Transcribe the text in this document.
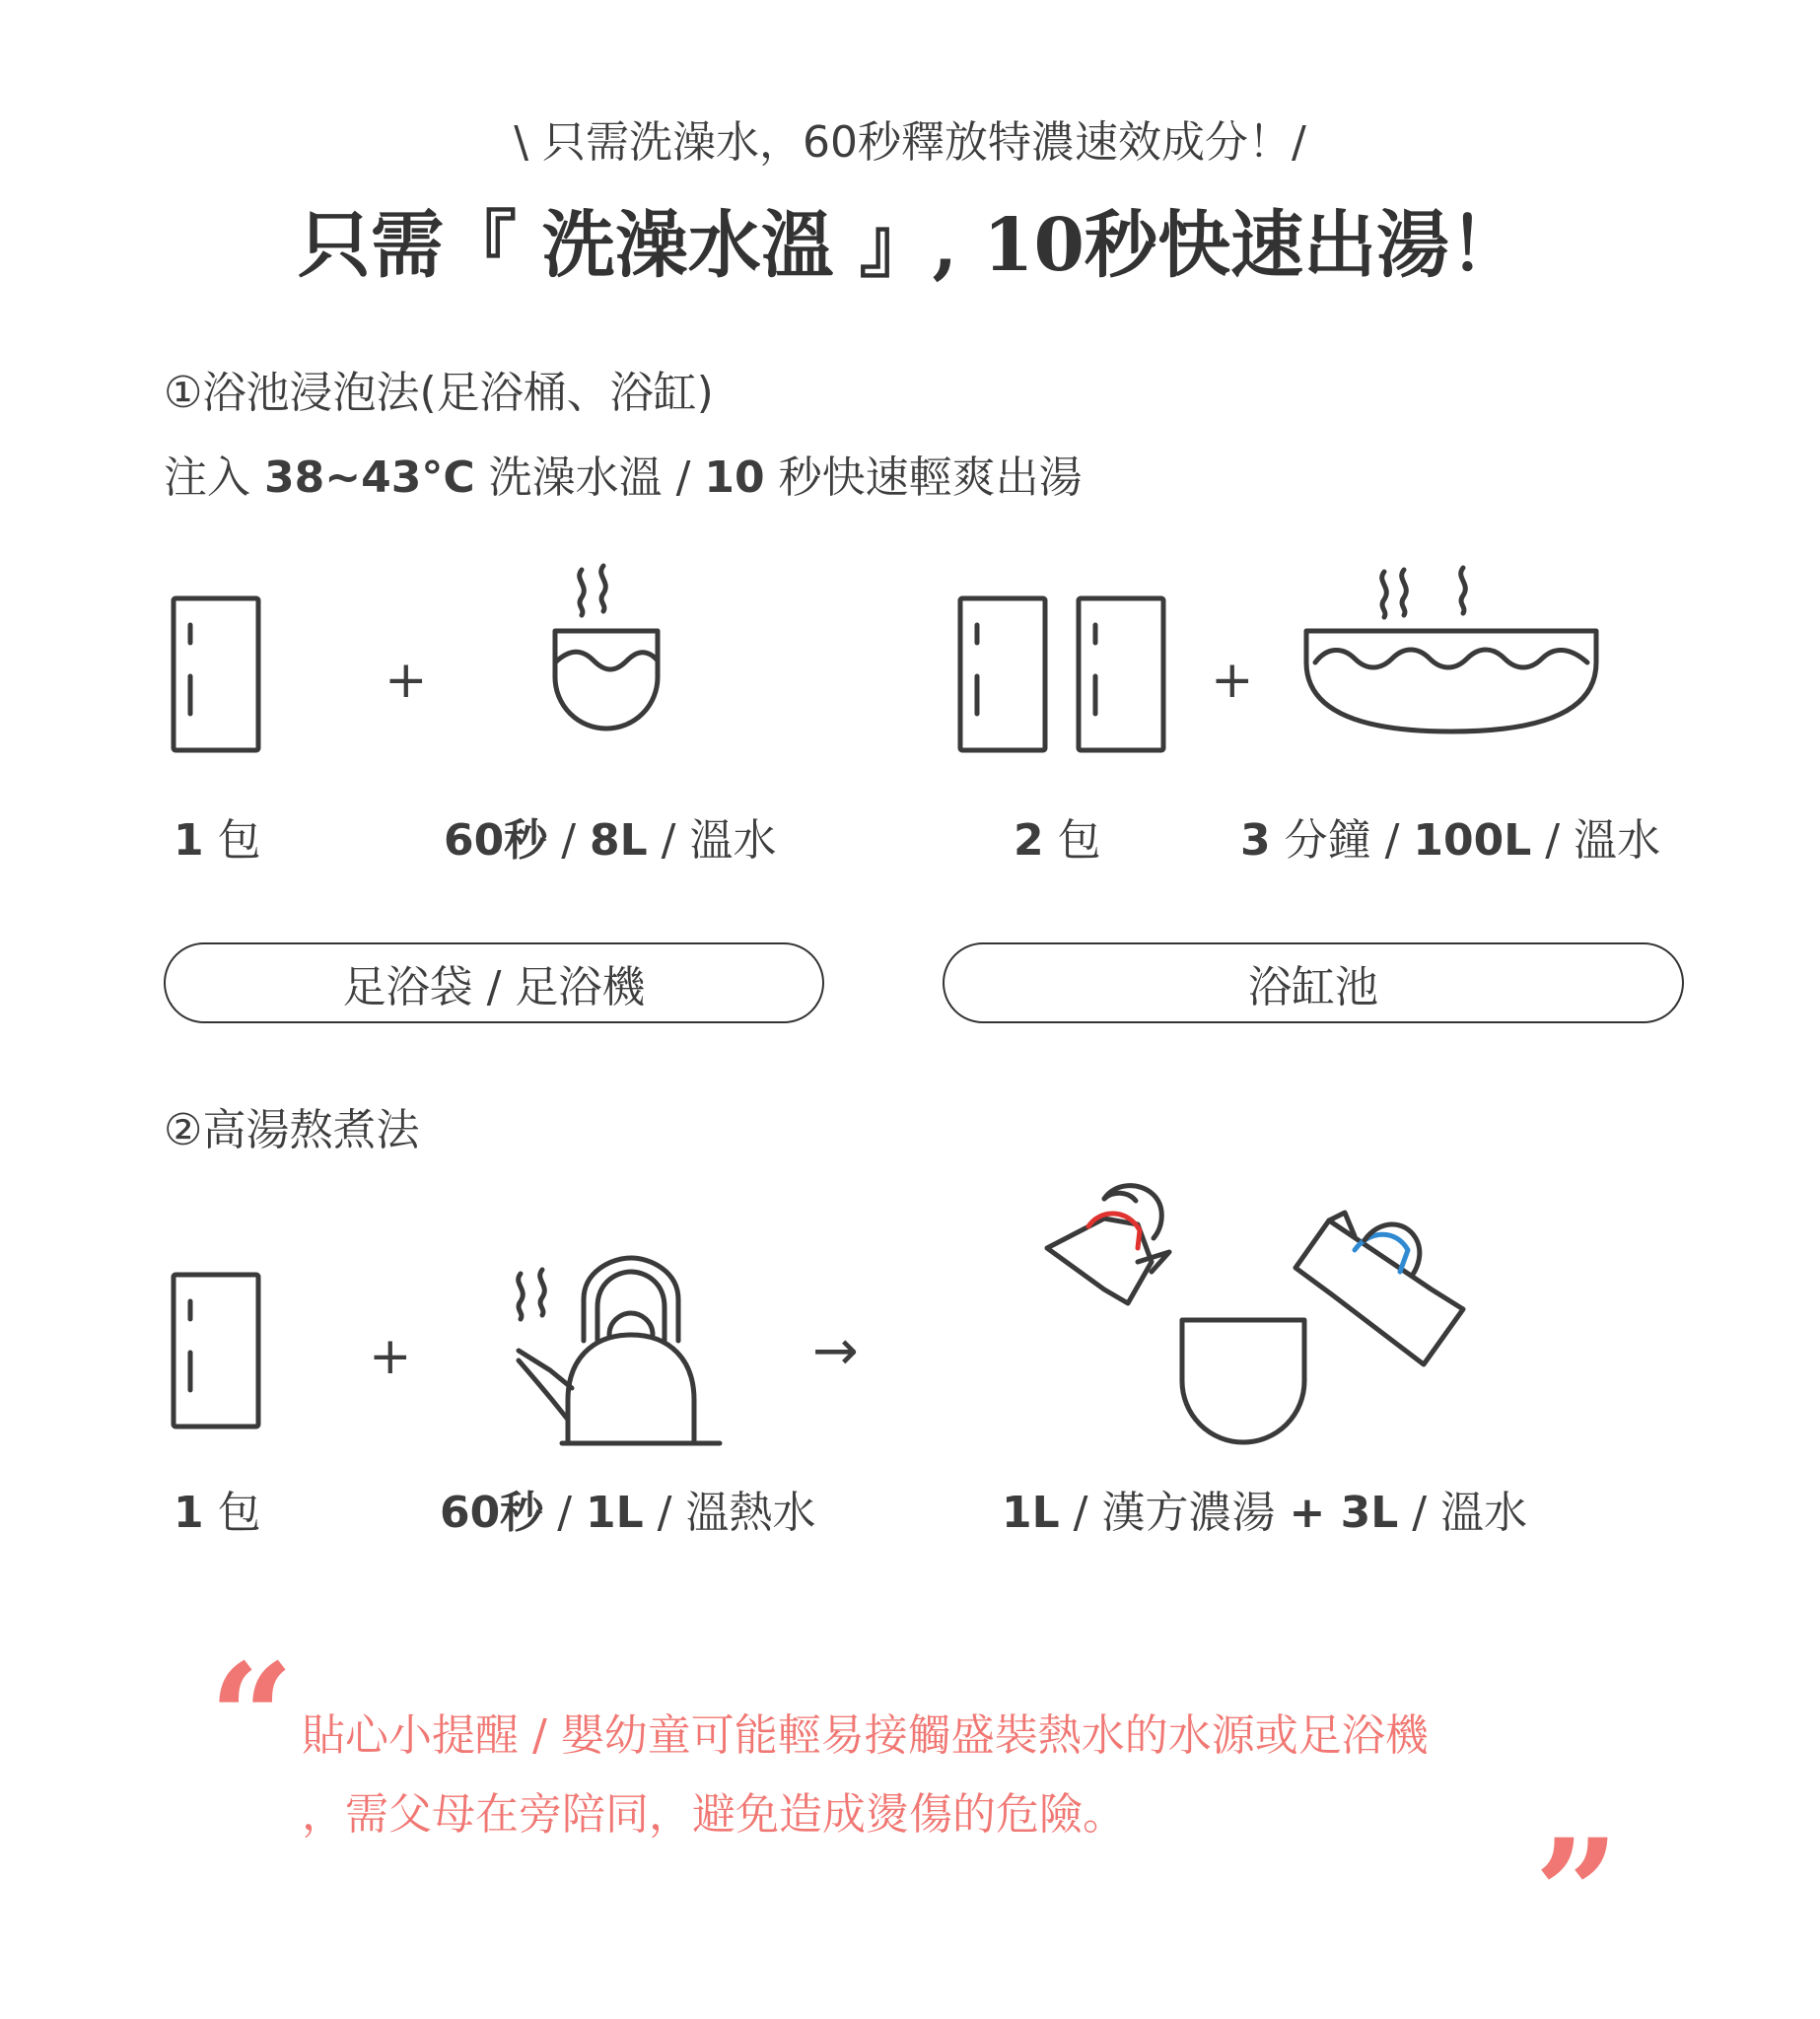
\ 只需洗澡水，60秒釋放特濃速效成分！/
只需『 洗澡水溫 』, 10秒快速出湯！
①浴池浸泡法(足浴桶、浴缸)
注入 38~43°C 洗澡水溫 / 10 秒快速輕爽出湯
+	+
1 包	60秒 / 8L / 溫水	2 包	3 分鐘 / 100L / 溫水
足浴袋 / 足浴機	浴缸池
②高湯熬煮法
+	→
1 包	60秒 / 1L / 溫熱水	1L / 漢方濃湯 + 3L / 溫水
“ 貼心小提醒 / 嬰幼童可能輕易接觸盛裝熱水的水源或足浴機
，需父母在旁陪同，避免造成燙傷的危險。	”
